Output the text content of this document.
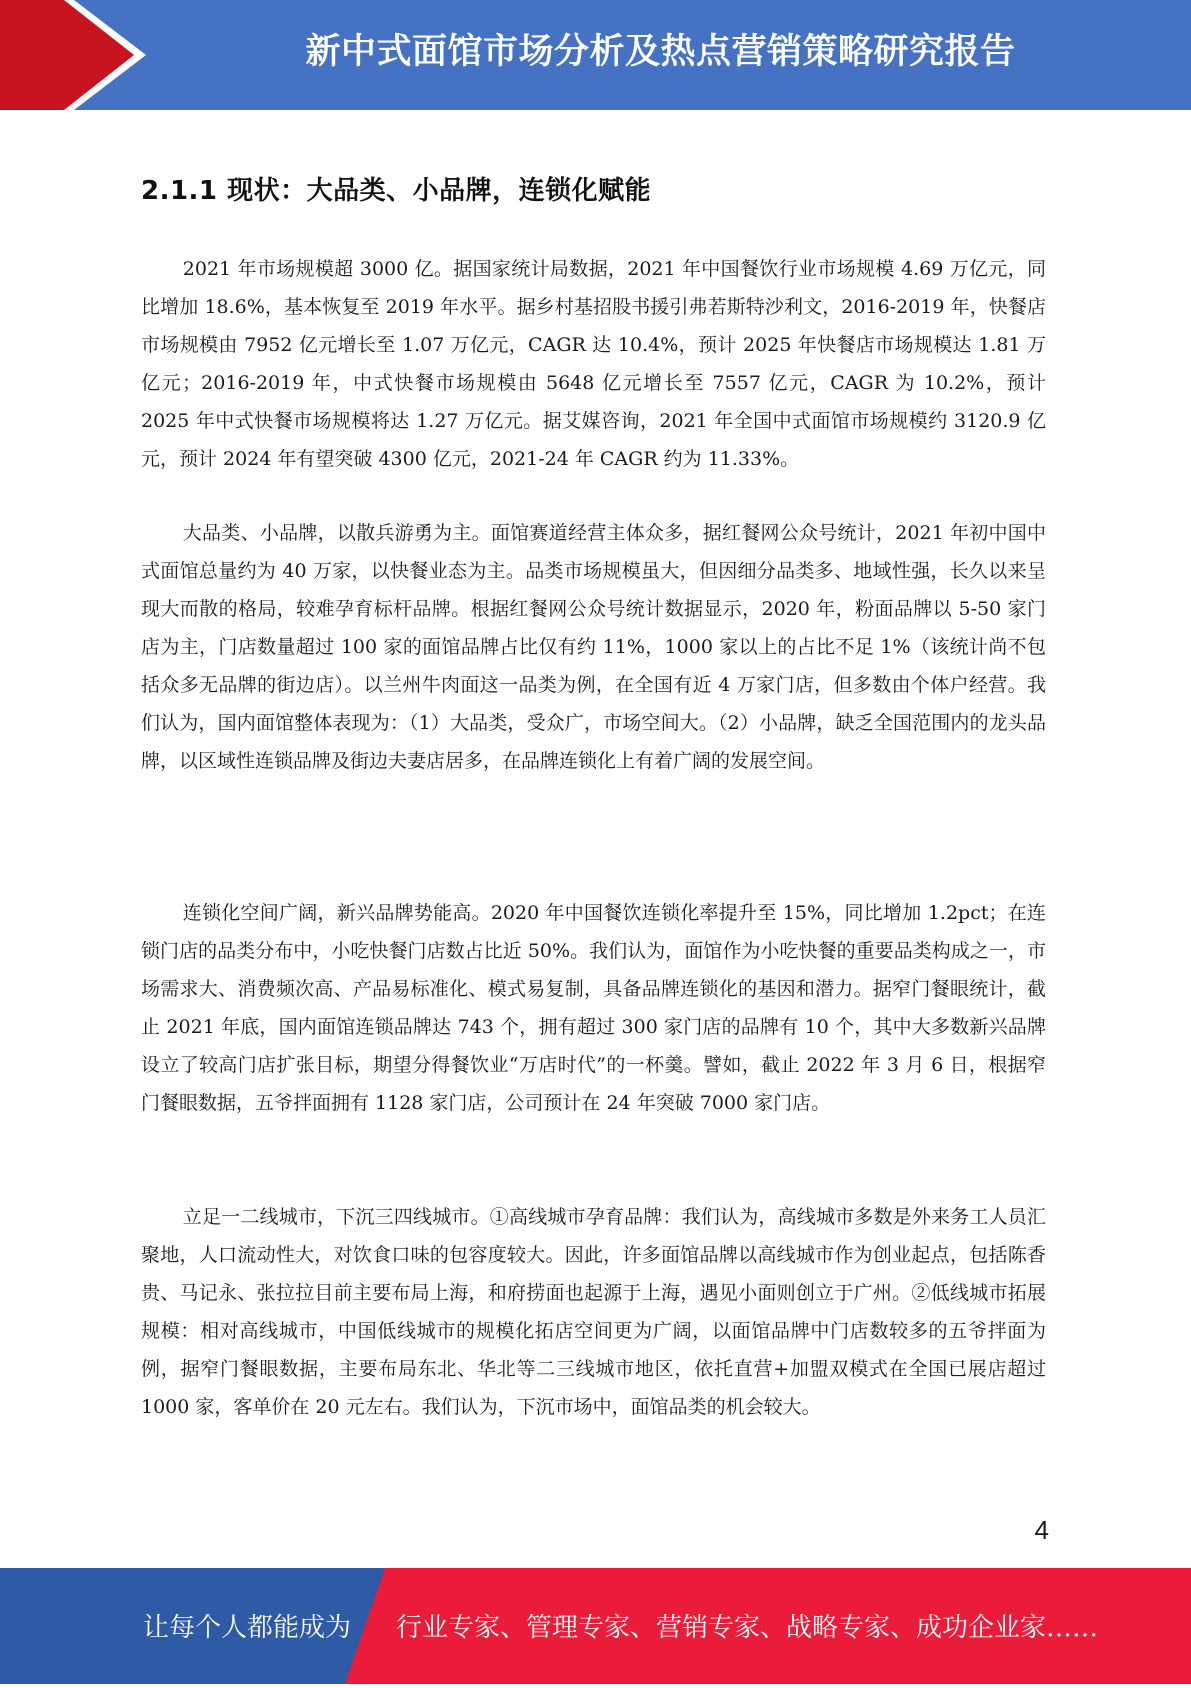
新中式面馆市场分析及热点营销策略研究报告
2.1.1 现状：大品类、小品牌，连锁化赋能

2021 年市场规模超 3000 亿。据国家统计局数据，2021 年中国餐饮行业市场规模 4.69 万亿元，同比增加 18.6%，基本恢复至 2019 年水平。据乡村基招股书援引弗若斯特沙利文，2016-2019 年，快餐店市场规模由 7952 亿元增长至 1.07 万亿元，CAGR 达 10.4%，预计 2025 年快餐店市场规模达 1.81 万亿元；2016-2019 年，中式快餐市场规模由 5648 亿元增长至 7557 亿元，CAGR 为 10.2%，预计 2025 年中式快餐市场规模将达 1.27 万亿元。据艾媒咨询，2021 年全国中式面馆市场规模约 3120.9 亿元，预计 2024 年有望突破 4300 亿元，2021-24 年 CAGR 约为 11.33%。

大品类、小品牌，以散兵游勇为主。面馆赛道经营主体众多，据红餐网公众号统计，2021 年初中国中式面馆总量约为 40 万家，以快餐业态为主。品类市场规模虽大，但因细分品类多、地域性强，长久以来呈现大而散的格局，较难孕育标杆品牌。根据红餐网公众号统计数据显示，2020 年，粉面品牌以 5-50 家门店为主，门店数量超过 100 家的面馆品牌占比仅有约 11%，1000 家以上的占比不足 1%（该统计尚不包括众多无品牌的街边店）。以兰州牛肉面这一品类为例，在全国有近 4 万家门店，但多数由个体户经营。我们认为，国内面馆整体表现为：（1）大品类，受众广，市场空间大。（2）小品牌，缺乏全国范围内的龙头品牌，以区域性连锁品牌及街边夫妻店居多，在品牌连锁化上有着广阔的发展空间。

连锁化空间广阔，新兴品牌势能高。2020 年中国餐饮连锁化率提升至 15%，同比增加 1.2pct；在连锁门店的品类分布中，小吃快餐门店数占比近 50%。我们认为，面馆作为小吃快餐的重要品类构成之一，市场需求大、消费频次高、产品易标准化、模式易复制，具备品牌连锁化的基因和潜力。据窄门餐眼统计，截止 2021 年底，国内面馆连锁品牌达 743 个，拥有超过 300 家门店的品牌有 10 个，其中大多数新兴品牌设立了较高门店扩张目标，期望分得餐饮业“万店时代”的一杯羹。譬如，截止 2022 年 3 月 6 日，根据窄门餐眼数据，五爷拌面拥有 1128 家门店，公司预计在 24 年突破 7000 家门店。

立足一二线城市，下沉三四线城市。①高线城市孕育品牌：我们认为，高线城市多数是外来务工人员汇聚地，人口流动性大，对饮食口味的包容度较大。因此，许多面馆品牌以高线城市作为创业起点，包括陈香贵、马记永、张拉拉目前主要布局上海，和府捞面也起源于上海，遇见小面则创立于广州。②低线城市拓展规模：相对高线城市，中国低线城市的规模化拓店空间更为广阔，以面馆品牌中门店数较多的五爷拌面为例，据窄门餐眼数据，主要布局东北、华北等二三线城市地区，依托直营+加盟双模式在全国已展店超过 1000 家，客单价在 20 元左右。我们认为，下沉市场中，面馆品类的机会较大。

4
让每个人都能成为 行业专家、管理专家、营销专家、战略专家、成功企业家……
